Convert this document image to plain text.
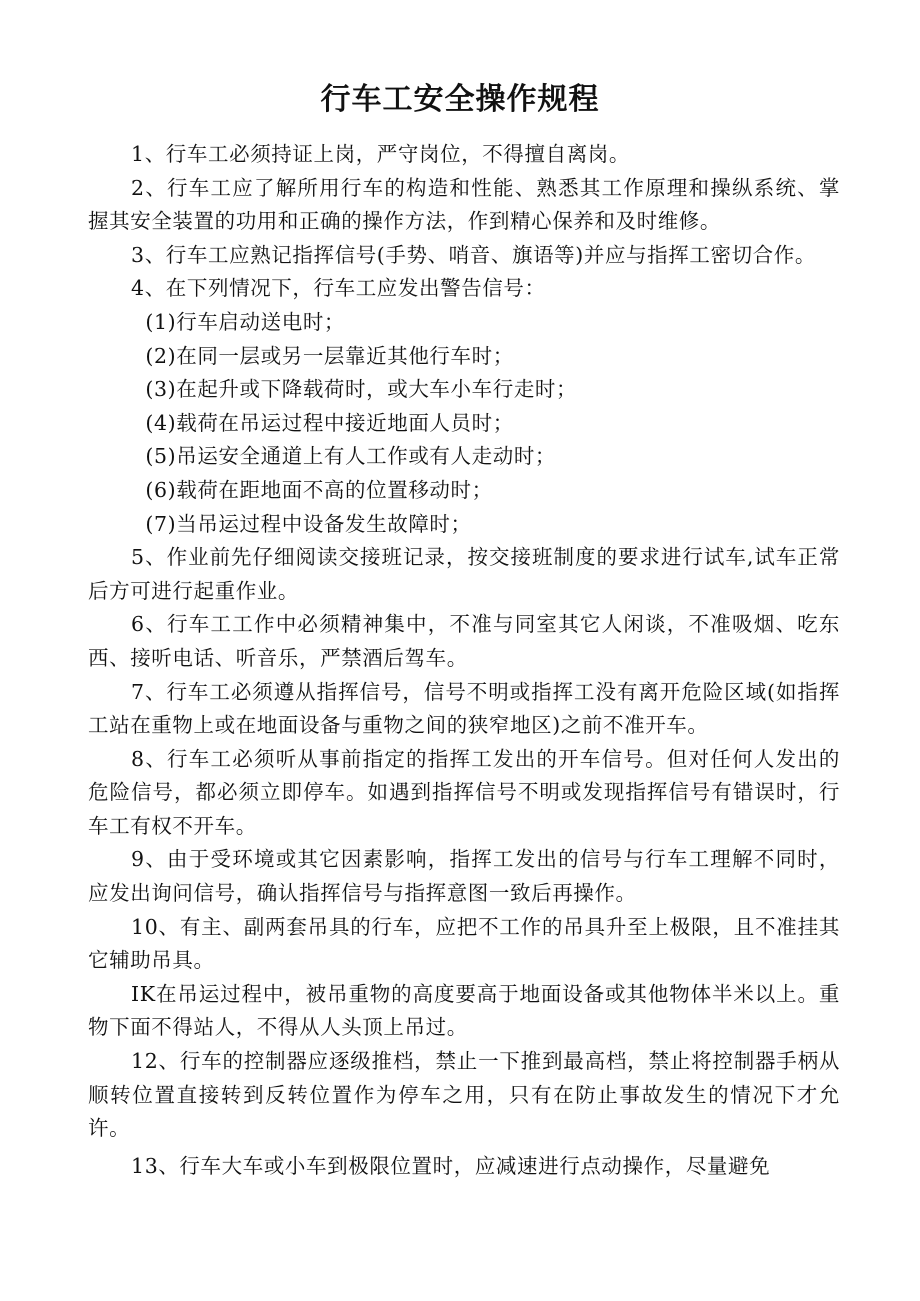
行车工安全操作规程

1、行车工必须持证上岗，严守岗位，不得擅自离岗。

2、行车工应了解所用行车的构造和性能、熟悉其工作原理和操纵系统、掌握其安全装置的功用和正确的操作方法，作到精心保养和及时维修。

3、行车工应熟记指挥信号(手势、哨音、旗语等)并应与指挥工密切合作。

4、在下列情况下，行车工应发出警告信号：

(1)行车启动送电时；

(2)在同一层或另一层靠近其他行车时；

(3)在起升或下降载荷时，或大车小车行走时；

(4)载荷在吊运过程中接近地面人员时；

(5)吊运安全通道上有人工作或有人走动时；

(6)载荷在距地面不高的位置移动时；

(7)当吊运过程中设备发生故障时；

5、作业前先仔细阅读交接班记录，按交接班制度的要求进行试车,试车正常后方可进行起重作业。

6、行车工工作中必须精神集中，不准与同室其它人闲谈，不准吸烟、吃东西、接听电话、听音乐，严禁酒后驾车。

7、行车工必须遵从指挥信号，信号不明或指挥工没有离开危险区域(如指挥工站在重物上或在地面设备与重物之间的狭窄地区)之前不准开车。

8、行车工必须听从事前指定的指挥工发出的开车信号。但对任何人发出的危险信号，都必须立即停车。如遇到指挥信号不明或发现指挥信号有错误时，行车工有权不开车。

9、由于受环境或其它因素影响，指挥工发出的信号与行车工理解不同时，应发出询问信号，确认指挥信号与指挥意图一致后再操作。

10、有主、副两套吊具的行车，应把不工作的吊具升至上极限，且不准挂其它辅助吊具。

IK在吊运过程中，被吊重物的高度要高于地面设备或其他物体半米以上。重物下面不得站人，不得从人头顶上吊过。

12、行车的控制器应逐级推档，禁止一下推到最高档，禁止将控制器手柄从顺转位置直接转到反转位置作为停车之用，只有在防止事故发生的情况下才允许。

13、行车大车或小车到极限位置时，应减速进行点动操作，尽量避免
